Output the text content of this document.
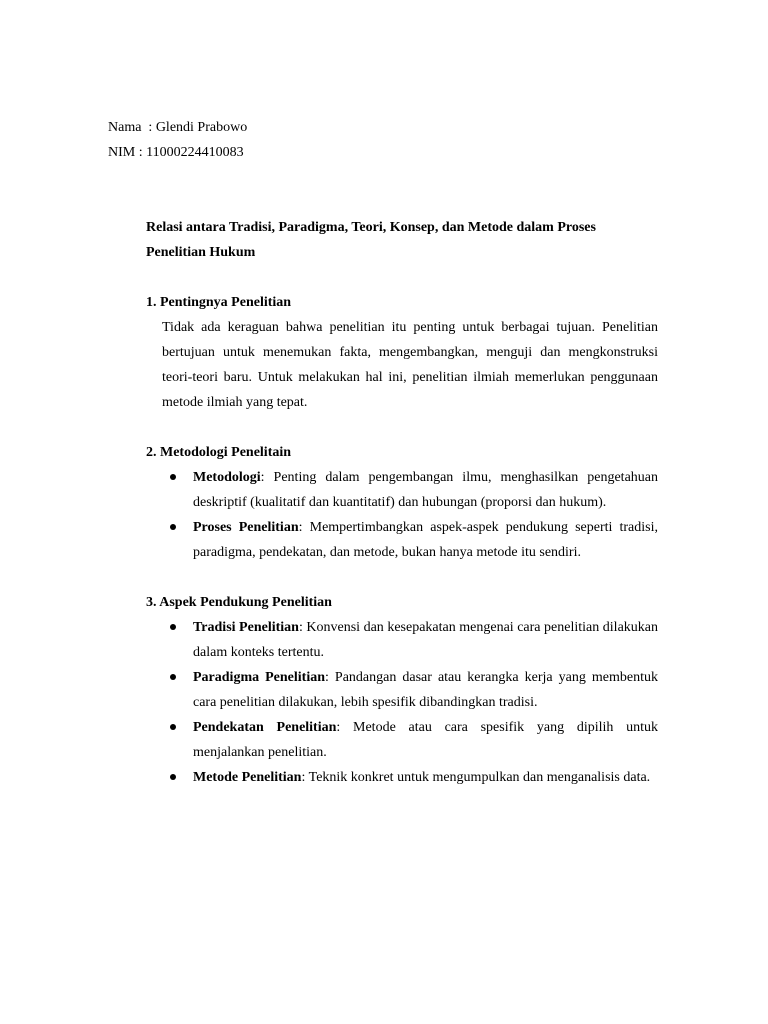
Nama  : Glendi Prabowo
NIM : 11000224410083

Relasi antara Tradisi, Paradigma, Teori, Konsep, dan Metode dalam Proses Penelitian Hukum

1. Pentingnya Penelitian

Tidak ada keraguan bahwa penelitian itu penting untuk berbagai tujuan. Penelitian bertujuan untuk menemukan fakta, mengembangkan, menguji dan mengkonstruksi teori-teori baru. Untuk melakukan hal ini, penelitian ilmiah memerlukan penggunaan metode ilmiah yang tepat.

2. Metodologi Penelitain

Metodologi: Penting dalam pengembangan ilmu, menghasilkan pengetahuan deskriptif (kualitatif dan kuantitatif) dan hubungan (proporsi dan hukum).
Proses Penelitian: Mempertimbangkan aspek-aspek pendukung seperti tradisi, paradigma, pendekatan, dan metode, bukan hanya metode itu sendiri.

3. Aspek Pendukung Penelitian

Tradisi Penelitian: Konvensi dan kesepakatan mengenai cara penelitian dilakukan dalam konteks tertentu.
Paradigma Penelitian: Pandangan dasar atau kerangka kerja yang membentuk cara penelitian dilakukan, lebih spesifik dibandingkan tradisi.
Pendekatan Penelitian: Metode atau cara spesifik yang dipilih untuk menjalankan penelitian.
Metode Penelitian: Teknik konkret untuk mengumpulkan dan menganalisis data.
